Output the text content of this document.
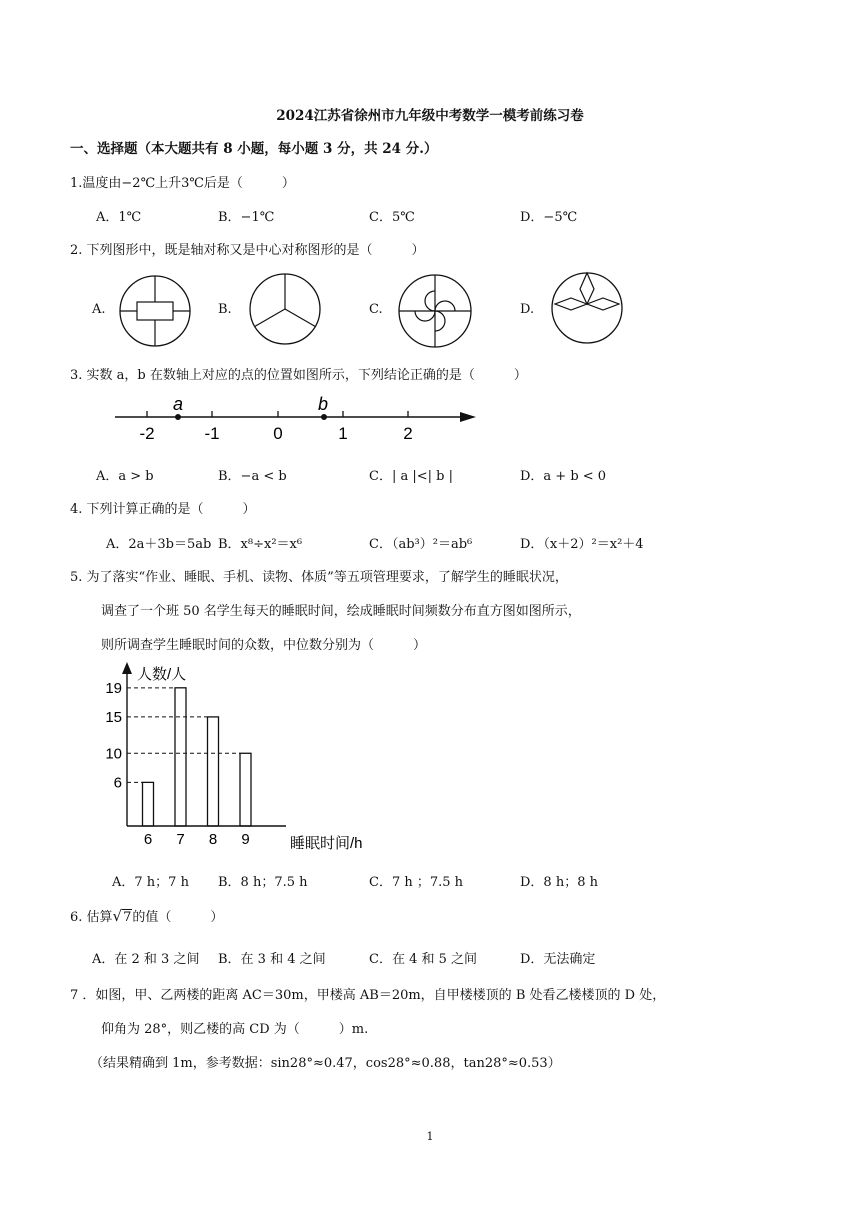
2024江苏省徐州市九年级中考数学一模考前练习卷
一、选择题（本大题共有 8 小题，每小题 3 分，共 24 分.）
1.温度由−2℃上升3℃后是（　　　）
A．1℃	B．−1℃	C．5℃	D．−5℃
2. 下列图形中，既是轴对称又是中心对称图形的是（　　　）
A.	B.	C.	D.
3. 实数 a，b 在数轴上对应的点的位置如图所示，下列结论正确的是（　　　）
a	b
-2	-1	0	1	2
A．a > b	B．−a < b	C．| a |<| b |	D．a + b < 0
4. 下列计算正确的是（　　　）
A．2a＋3b＝5ab B．x⁸÷x²＝x⁶	C．（ab³）²＝ab⁶	D．（x＋2）²＝x²＋4
5. 为了落实“作业、睡眠、手机、读物、体质”等五项管理要求，了解学生的睡眠状况，
调查了一个班 50 名学生每天的睡眠时间，绘成睡眠时间频数分布直方图如图所示，
则所调查学生睡眠时间的众数，中位数分别为（　　　）
6 7 8 9
19
15
10
6
人数/人
睡眠时间/h
A．7 h；7 h B．8 h；7.5 h	C．7 h ；7.5 h	D．8 h；8 h
6. 估算√7的值（　　　）
A．在 2 和 3 之间 B．在 3 和 4 之间	C．在 4 和 5 之间	D．无法确定
7 ．如图，甲、乙两楼的距离 AC＝30m，甲楼高 AB＝20m，自甲楼楼顶的 B 处看乙楼楼顶的 D 处，
仰角为 28°，则乙楼的高 CD 为（　　　）m.
（结果精确到 1m，参考数据：sin28°≈0.47，cos28°≈0.88，tan28°≈0.53）
1
